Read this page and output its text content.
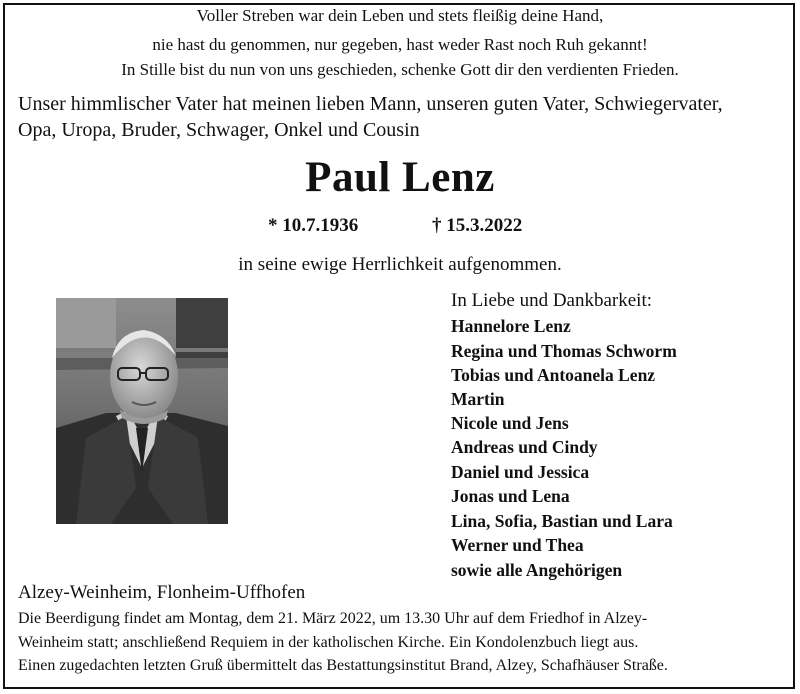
Voller Streben war dein Leben und stets fleißig deine Hand,
nie hast du genommen, nur gegeben, hast weder Rast noch Ruh gekannt!
In Stille bist du nun von uns geschieden, schenke Gott dir den verdienten Frieden.
Unser himmlischer Vater hat meinen lieben Mann, unseren guten Vater, Schwiegervater,
Opa, Uropa, Bruder, Schwager, Onkel und Cousin
Paul Lenz
* 10.7.1936	† 15.3.2022
in seine ewige Herrlichkeit aufgenommen.
In Liebe und Dankbarkeit:
Hannelore Lenz
Regina und Thomas Schworm
Tobias und Antoanela Lenz
Martin
Nicole und Jens
Andreas und Cindy
Daniel und Jessica
Jonas und Lena
Lina, Sofia, Bastian und Lara
Werner und Thea
sowie alle Angehörigen
Alzey-Weinheim, Flonheim-Uffhofen
Die Beerdigung findet am Montag, dem 21. März 2022, um 13.30 Uhr auf dem Friedhof in Alzey-
Weinheim statt; anschließend Requiem in der katholischen Kirche. Ein Kondolenzbuch liegt aus.
Einen zugedachten letzten Gruß übermittelt das Bestattungsinstitut Brand, Alzey, Schafhäuser Straße.
